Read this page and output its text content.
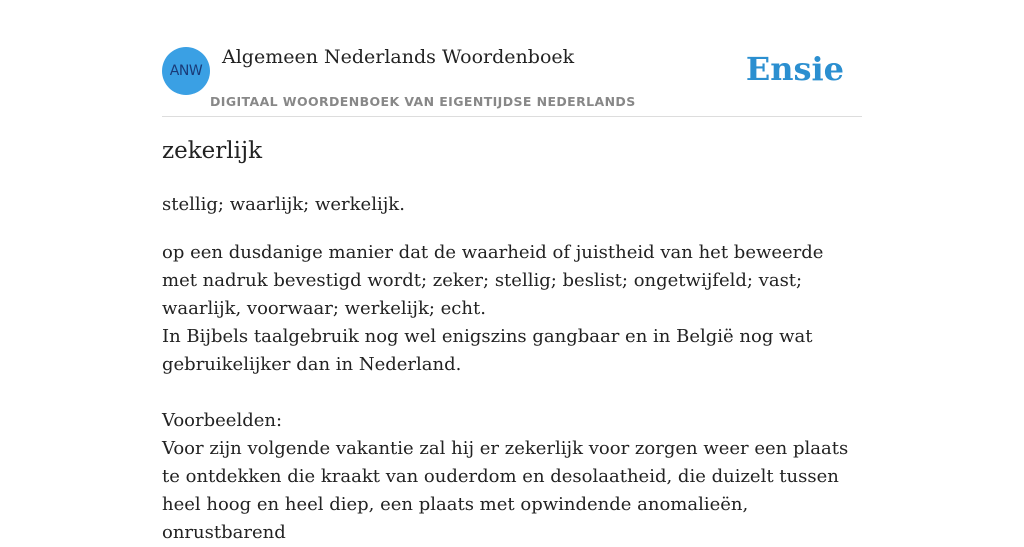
ANW
Algemeen Nederlands Woordenboek
DIGITAAL WOORDENBOEK VAN EIGENTIJDSE NEDERLANDS
Ensie
zekerlijk
stellig; waarlijk; werkelijk.

op een dusdanige manier dat de waarheid of juistheid van het beweerde met nadruk bevestigd wordt; zeker; stellig; beslist; ongetwijfeld; vast; waarlijk, voorwaar; werkelijk; echt.

In Bijbels taalgebruik nog wel enigszins gangbaar en in België nog wat gebruikelijker dan in Nederland.

Voorbeelden:

Voor zijn volgende vakantie zal hij er zekerlijk voor zorgen weer een plaats te ontdekken die kraakt van ouderdom en desolaatheid, die duizelt tussen heel hoog en heel diep, een plaats met opwindende anomalieën, onrustbarend
